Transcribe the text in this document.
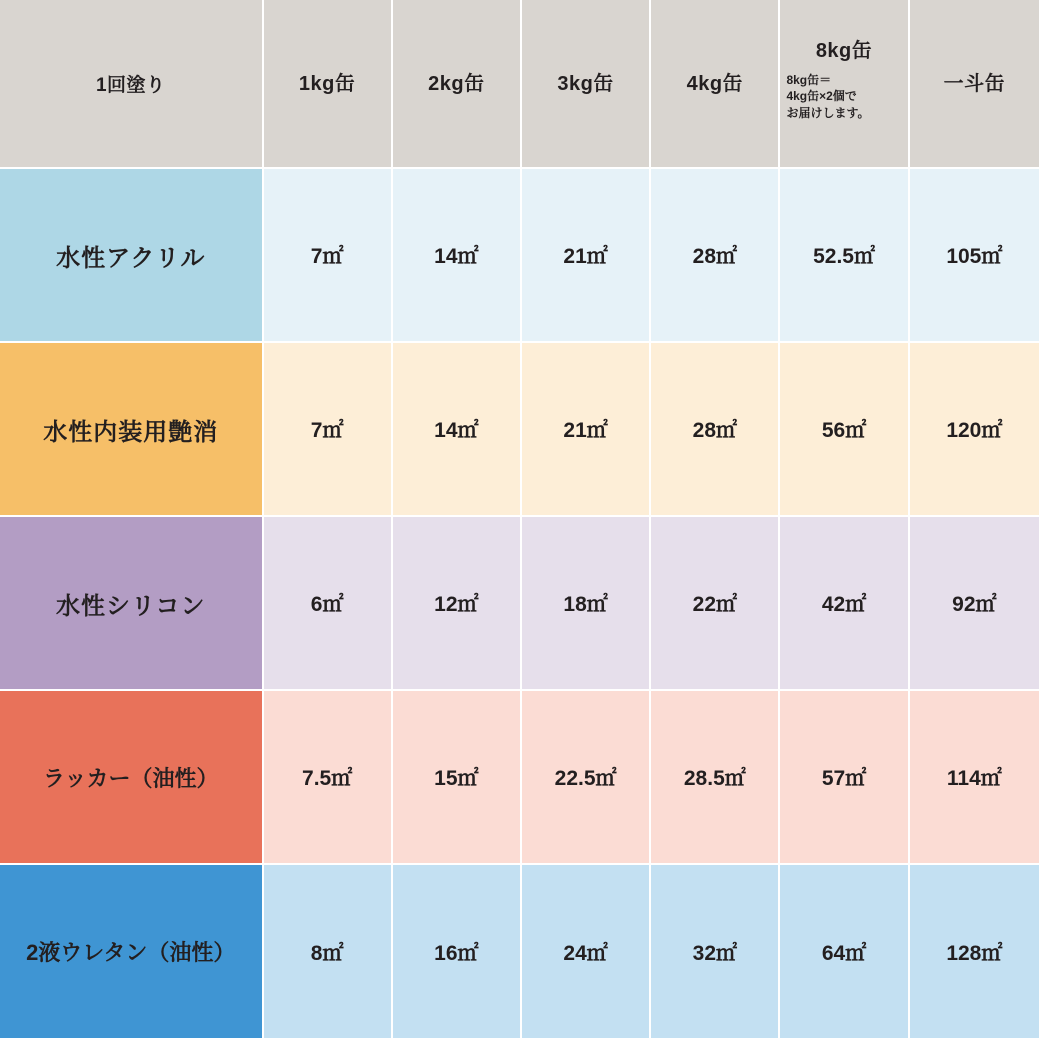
1回塗り	1kg缶	2kg缶	3kg缶	4kg缶	8kg缶
8kg缶＝
4kg缶×2個で
お届けします。	一斗缶

水性アクリル	7㎡	14㎡	21㎡	28㎡	52.5㎡	105㎡
水性内装用艶消	7㎡	14㎡	21㎡	28㎡	56㎡	120㎡
水性シリコン	6㎡	12㎡	18㎡	22㎡	42㎡	92㎡
ラッカー（油性）	7.5㎡	15㎡	22.5㎡	28.5㎡	57㎡	114㎡
2液ウレタン（油性）	8㎡	16㎡	24㎡	32㎡	64㎡	128㎡
